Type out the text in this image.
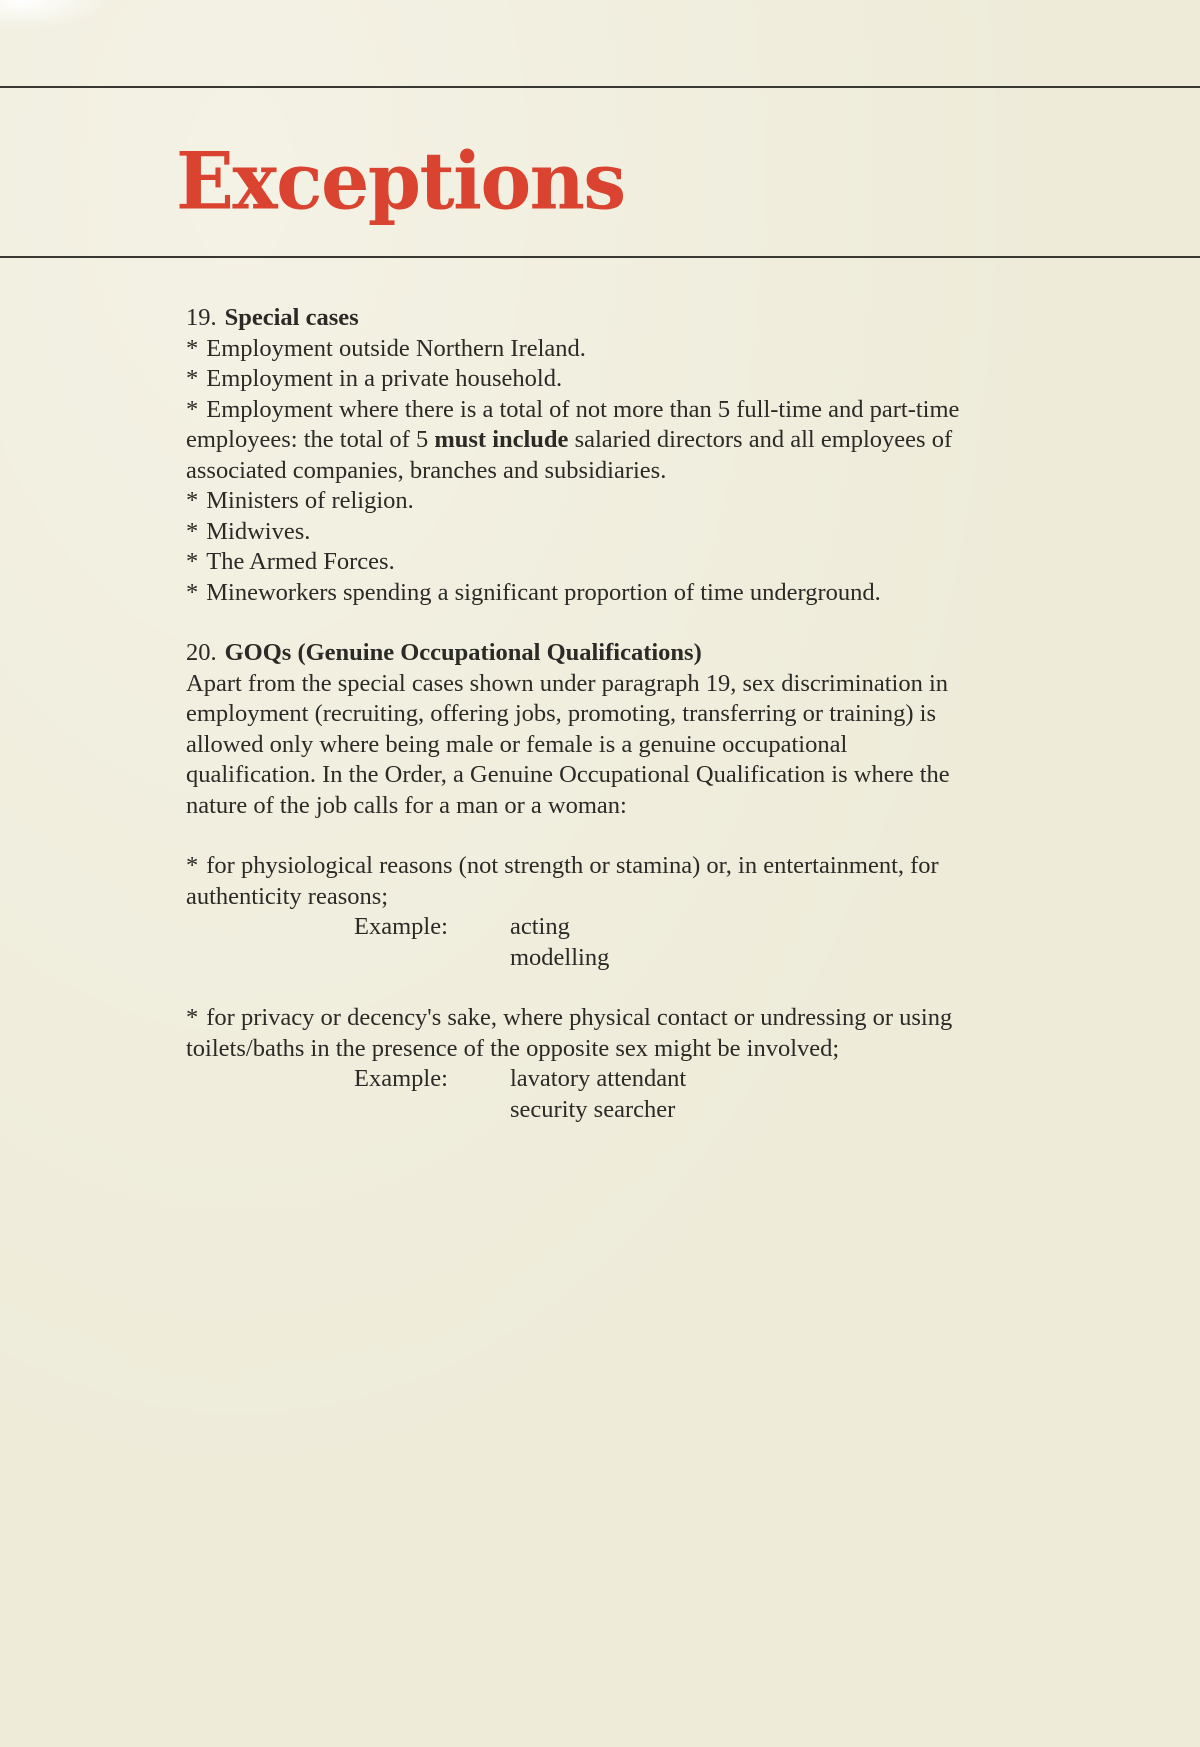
Exceptions

19. Special cases

* Employment outside Northern Ireland.

* Employment in a private household.

* Employment where there is a total of not more than 5 full-time and part-time employees: the total of 5 must include salaried directors and all employees of associated companies, branches and subsidiaries.

* Ministers of religion.

* Midwives.

* The Armed Forces.

* Mineworkers spending a significant proportion of time underground.

20. GOQs (Genuine Occupational Qualifications)

Apart from the special cases shown under paragraph 19, sex discrimination in employment (recruiting, offering jobs, promoting, transferring or training) is allowed only where being male or female is a genuine occupational qualification. In the Order, a Genuine Occupational Qualification is where the nature of the job calls for a man or a woman:

* for physiological reasons (not strength or stamina) or, in entertainment, for authenticity reasons;

Example:	acting
modelling

* for privacy or decency's sake, where physical contact or undressing or using toilets/baths in the presence of the opposite sex might be involved;

Example:	lavatory attendant
security searcher
